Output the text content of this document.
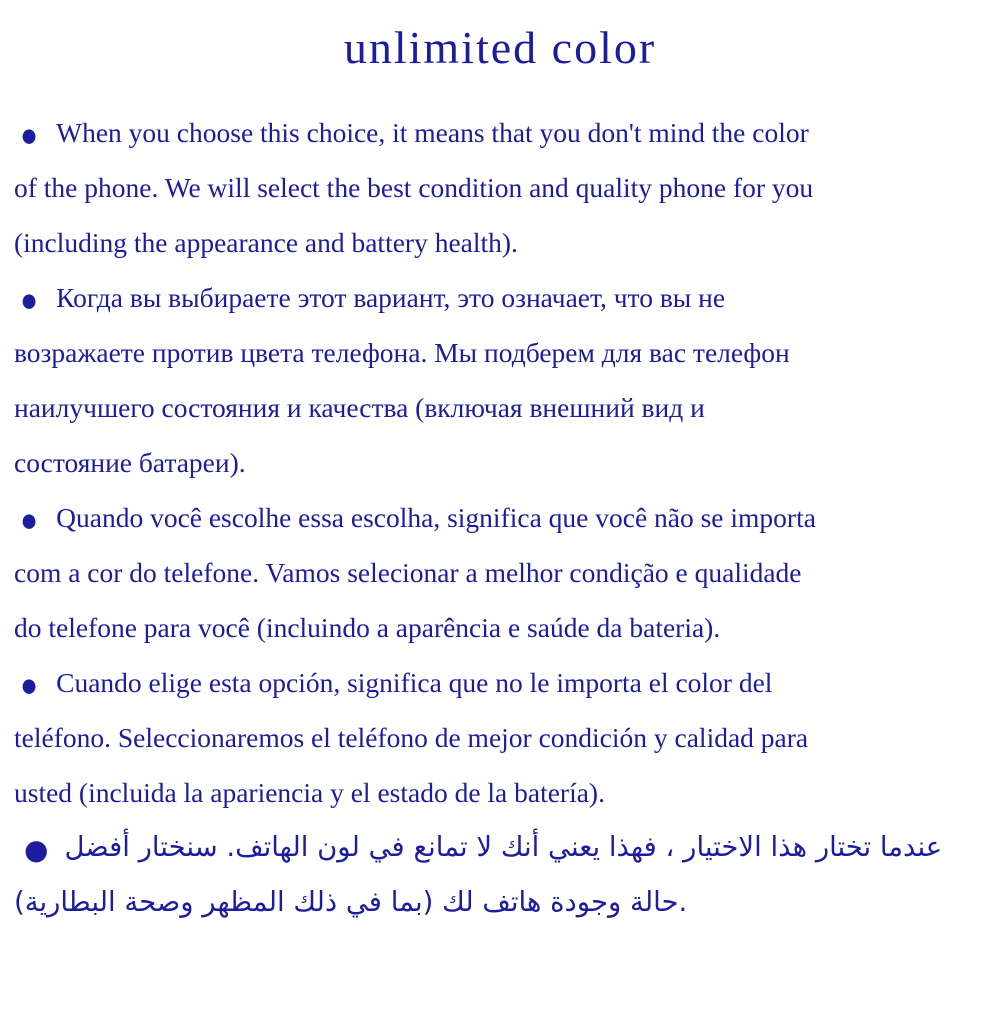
unlimited color
● When you choose this choice, it means that you don't mind the color
of the phone. We will select the best condition and quality phone for you
(including the appearance and battery health).
● Когда вы выбираете этот вариант, это означает, что вы не
возражаете против цвета телефона. Мы подберем для вас телефон
наилучшего состояния и качества (включая внешний вид и
состояние батареи).
● Quando você escolhe essa escolha, significa que você não se importa
com a cor do telefone. Vamos selecionar a melhor condição e qualidade
do telefone para você (incluindo a aparência e saúde da bateria).
● Cuando elige esta opción, significa que no le importa el color del
teléfono. Seleccionaremos el teléfono de mejor condición y calidad para
usted (incluida la apariencia y el estado de la batería).
● عندما تختار هذا الاختيار ، فهذا يعني أنك لا تمانع في لون الهاتف. سنختار أفضل
حالة وجودة هاتف لك (بما في ذلك المظهر وصحة البطارية).
